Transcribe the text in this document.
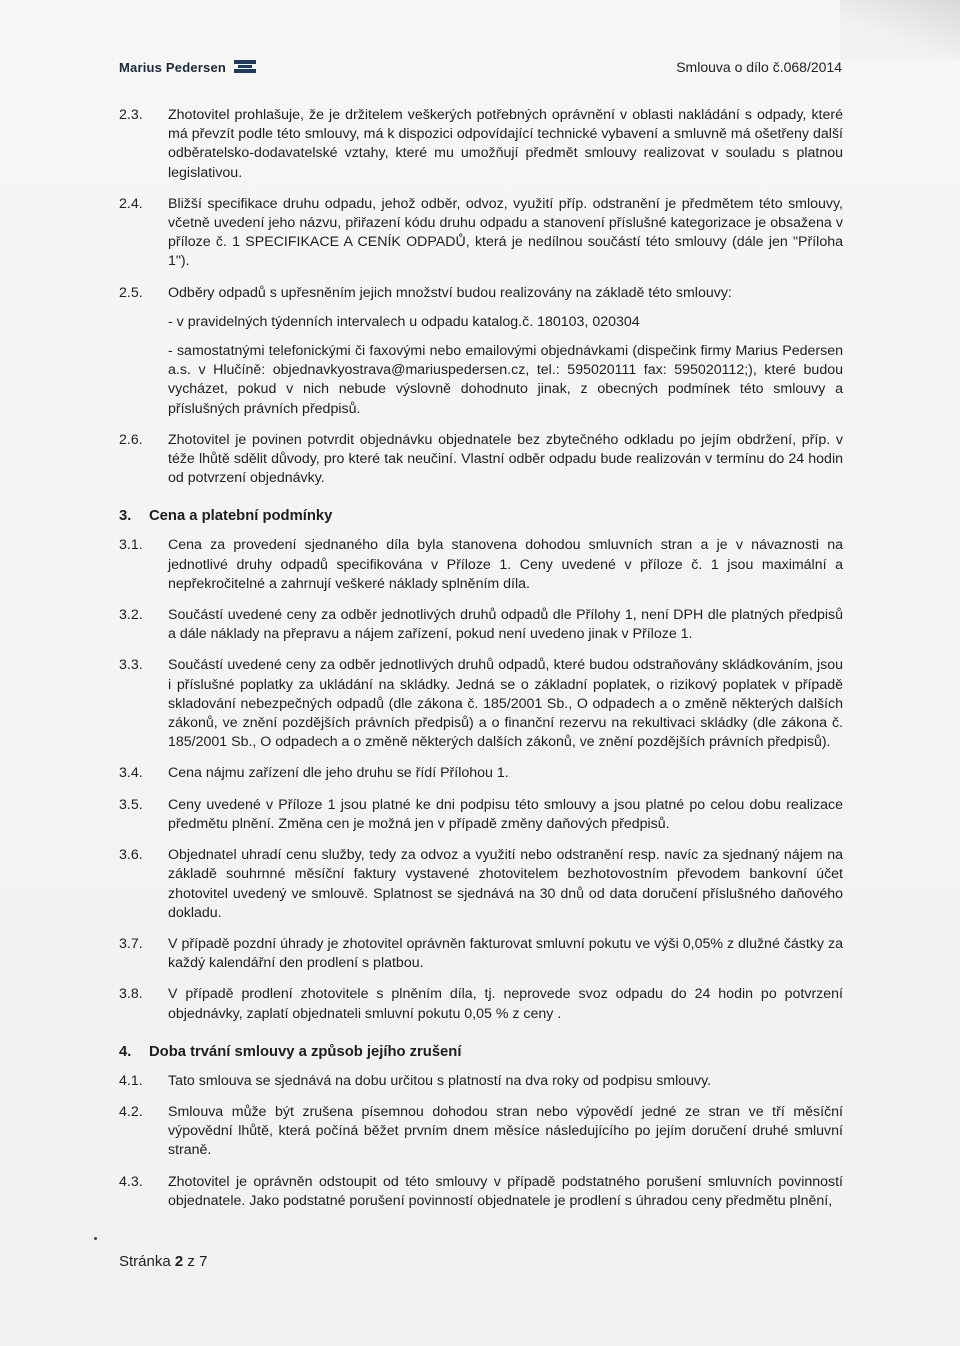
Marius Pedersen	Smlouva o dílo č.068/2014
2.3.	Zhotovitel prohlašuje, že je držitelem veškerých potřebných oprávnění v oblasti nakládání s odpady, které má převzít podle této smlouvy, má k dispozici odpovídající technické vybavení a smluvně má ošetřeny další odběratelsko-dodavatelské vztahy, které mu umožňují předmět smlouvy realizovat v souladu s platnou legislativou.

2.4.	Bližší specifikace druhu odpadu, jehož odběr, odvoz, využití příp. odstranění je předmětem této smlouvy, včetně uvedení jeho názvu, přiřazení kódu druhu odpadu a stanovení příslušné kategorizace je obsažena v příloze č. 1 SPECIFIKACE A CENÍK ODPADŮ, která je nedílnou součástí této smlouvy (dále jen "Příloha 1").

2.5.	Odběry odpadů s upřesněním jejich množství budou realizovány na základě této smlouvy:

- v pravidelných týdenních intervalech u odpadu katalog.č. 180103, 020304

- samostatnými telefonickými či faxovými nebo emailovými objednávkami (dispečink firmy Marius Pedersen a.s. v Hlučíně: objednavkyostrava@mariuspedersen.cz, tel.: 595020111 fax: 595020112;), které budou vycházet, pokud v nich nebude výslovně dohodnuto jinak, z obecných podmínek této smlouvy a příslušných právních předpisů.

2.6.	Zhotovitel je povinen potvrdit objednávku objednatele bez zbytečného odkladu po jejím obdržení, příp. v téže lhůtě sdělit důvody, pro které tak neučiní. Vlastní odběr odpadu bude realizován v termínu do 24 hodin od potvrzení objednávky.

3.	Cena a platební podmínky
3.1.	Cena za provedení sjednaného díla byla stanovena dohodou smluvních stran a je v návaznosti na jednotlivé druhy odpadů specifikována v Příloze 1. Ceny uvedené v příloze č. 1 jsou maximální a nepřekročitelné a zahrnují veškeré náklady splněním díla.

3.2.	Součástí uvedené ceny za odběr jednotlivých druhů odpadů dle Přílohy 1, není DPH dle platných předpisů a dále náklady na přepravu a nájem zařízení, pokud není uvedeno jinak v Příloze 1.

3.3.	Součástí uvedené ceny za odběr jednotlivých druhů odpadů, které budou odstraňovány skládkováním, jsou i příslušné poplatky za ukládání na skládky. Jedná se o základní poplatek, o rizikový poplatek v případě skladování nebezpečných odpadů (dle zákona č. 185/2001 Sb., O odpadech a o změně některých dalších zákonů, ve znění pozdějších právních předpisů) a o finanční rezervu na rekultivaci skládky (dle zákona č. 185/2001 Sb., O odpadech a o změně některých dalších zákonů, ve znění pozdějších právních předpisů).

3.4.	Cena nájmu zařízení dle jeho druhu se řídí Přílohou 1.

3.5.	Ceny uvedené v Příloze 1 jsou platné ke dni podpisu této smlouvy a jsou platné po celou dobu realizace předmětu plnění. Změna cen je možná jen v případě změny daňových předpisů.

3.6.	Objednatel uhradí cenu služby, tedy za odvoz a využití nebo odstranění resp. navíc za sjednaný nájem na základě souhrnné měsíční faktury vystavené zhotovitelem bezhotovostním převodem bankovní účet zhotovitel uvedený ve smlouvě. Splatnost se sjednává na 30 dnů od data doručení příslušného daňového dokladu.

3.7.	V případě pozdní úhrady je zhotovitel oprávněn fakturovat smluvní pokutu ve výši 0,05% z dlužné částky za každý kalendářní den prodlení s platbou.

3.8.	V případě prodlení zhotovitele s plněním díla, tj. neprovede svoz odpadu do 24 hodin po potvrzení objednávky, zaplatí objednateli smluvní pokutu 0,05 % z ceny .

4.	Doba trvání smlouvy a způsob jejího zrušení
4.1.	Tato smlouva se sjednává na dobu určitou s platností na dva roky od podpisu smlouvy.

4.2.	Smlouva může být zrušena písemnou dohodou stran nebo výpovědí jedné ze stran ve tří měsíční výpovědní lhůtě, která počíná běžet prvním dnem měsíce následujícího po jejím doručení druhé smluvní straně.

4.3.	Zhotovitel je oprávněn odstoupit od této smlouvy v případě podstatného porušení smluvních povinností objednatele. Jako podstatné porušení povinností objednatele je prodlení s úhradou ceny předmětu plnění,

Stránka 2 z 7
